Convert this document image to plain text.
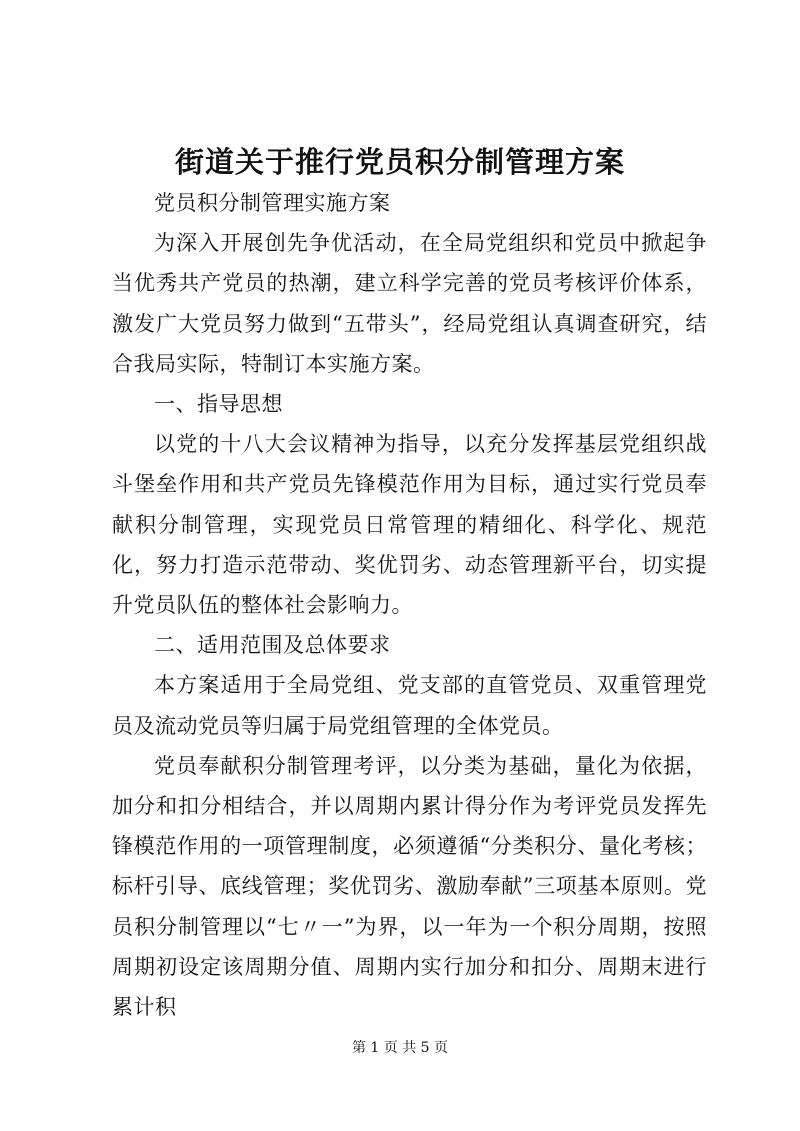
街道关于推行党员积分制管理方案

党员积分制管理实施方案

为深入开展创先争优活动，在全局党组织和党员中掀起争当优秀共产党员的热潮，建立科学完善的党员考核评价体系，激发广大党员努力做到“五带头”，经局党组认真调查研究，结合我局实际，特制订本实施方案。

一、指导思想

以党的十八大会议精神为指导，以充分发挥基层党组织战斗堡垒作用和共产党员先锋模范作用为目标，通过实行党员奉献积分制管理，实现党员日常管理的精细化、科学化、规范化，努力打造示范带动、奖优罚劣、动态管理新平台，切实提升党员队伍的整体社会影响力。

二、适用范围及总体要求

本方案适用于全局党组、党支部的直管党员、双重管理党员及流动党员等归属于局党组管理的全体党员。

党员奉献积分制管理考评，以分类为基础，量化为依据，加分和扣分相结合，并以周期内累计得分作为考评党员发挥先锋模范作用的一项管理制度，必须遵循“分类积分、量化考核；标杆引导、底线管理；奖优罚劣、激励奉献”三项基本原则。党员积分制管理以“七〃一”为界，以一年为一个积分周期，按照周期初设定该周期分值、周期内实行加分和扣分、周期末进行累计积

第 1 页 共 5 页
